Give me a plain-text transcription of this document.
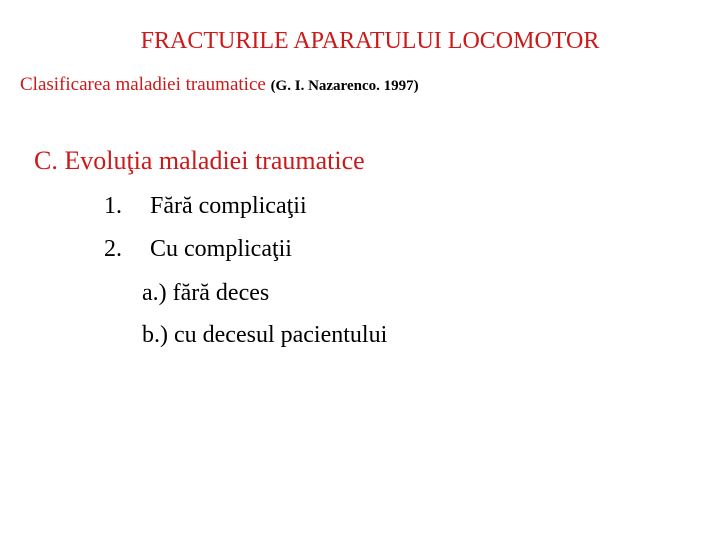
FRACTURILE APARATULUI LOCOMOTOR
Clasificarea maladiei traumatice (G. I. Nazarenco. 1997)
C. Evoluţia maladiei traumatice
1. Fără complicaţii
2. Cu complicaţii
a.) fără deces
b.) cu decesul pacientului
